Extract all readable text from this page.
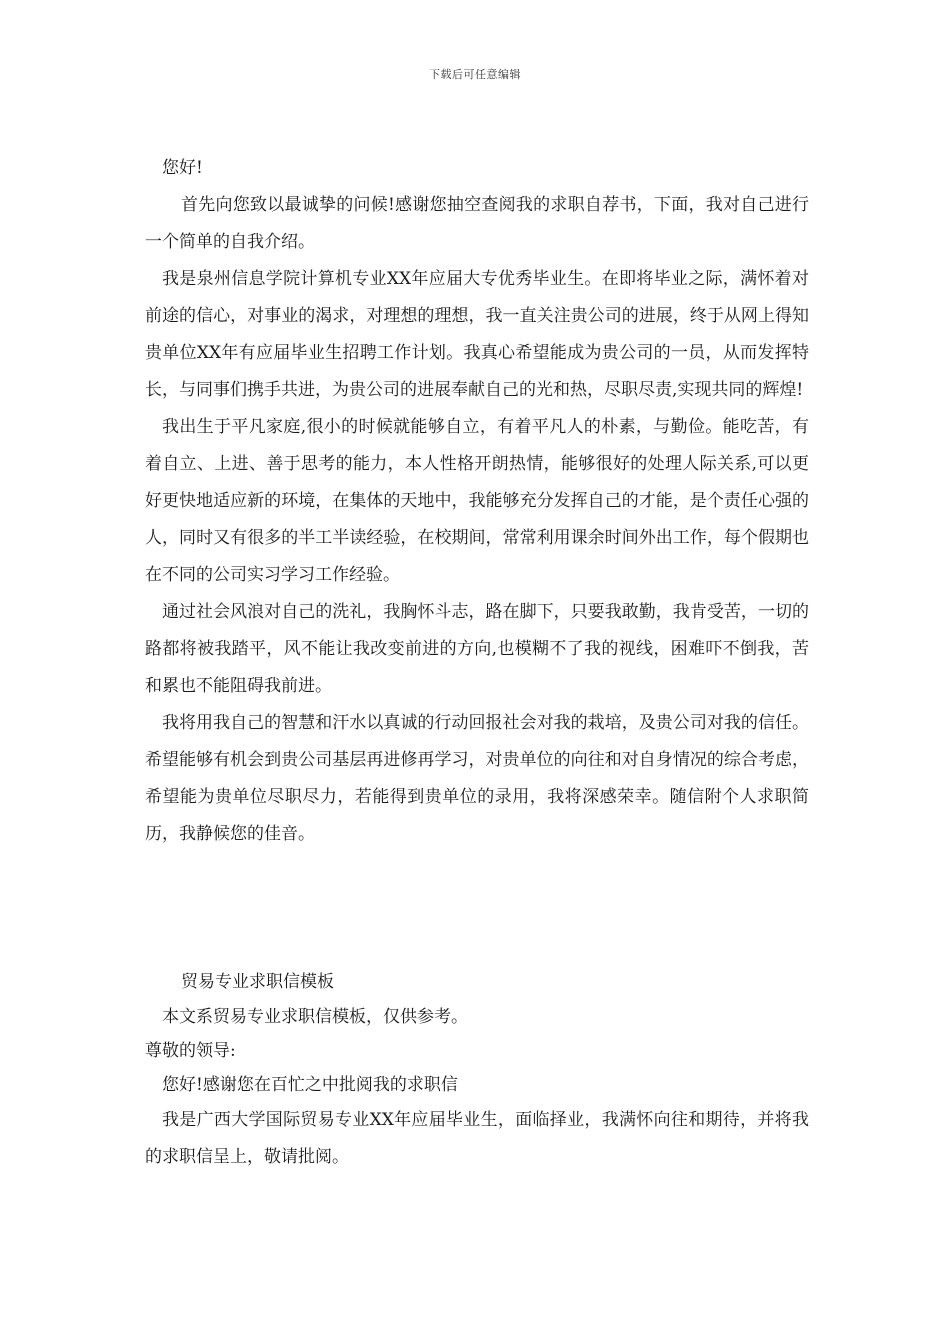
下载后可任意编辑

您好!

首先向您致以最诚挚的问候!感谢您抽空查阅我的求职自荐书，下面，我对自己进行一个简单的自我介绍。

我是泉州信息学院计算机专业XX年应届大专优秀毕业生。在即将毕业之际，满怀着对前途的信心，对事业的渴求，对理想的理想，我一直关注贵公司的进展，终于从网上得知贵单位XX年有应届毕业生招聘工作计划。我真心希望能成为贵公司的一员，从而发挥特长，与同事们携手共进，为贵公司的进展奉献自己的光和热，尽职尽责,实现共同的辉煌!

我出生于平凡家庭,很小的时候就能够自立，有着平凡人的朴素，与勤俭。能吃苦，有着自立、上进、善于思考的能力，本人性格开朗热情，能够很好的处理人际关系,可以更好更快地适应新的环境，在集体的天地中，我能够充分发挥自己的才能，是个责任心强的人，同时又有很多的半工半读经验，在校期间，常常利用课余时间外出工作，每个假期也在不同的公司实习学习工作经验。

通过社会风浪对自己的洗礼，我胸怀斗志，路在脚下，只要我敢勤，我肯受苦，一切的路都将被我踏平，风不能让我改变前进的方向,也模糊不了我的视线，困难吓不倒我，苦和累也不能阻碍我前进。

我将用我自己的智慧和汗水以真诚的行动回报社会对我的栽培，及贵公司对我的信任。希望能够有机会到贵公司基层再进修再学习，对贵单位的向往和对自身情况的综合考虑，希望能为贵单位尽职尽力，若能得到贵单位的录用，我将深感荣幸。随信附个人求职简历，我静候您的佳音。

贸易专业求职信模板

本文系贸易专业求职信模板，仅供参考。

尊敬的领导:

您好!感谢您在百忙之中批阅我的求职信

我是广西大学国际贸易专业XX年应届毕业生，面临择业，我满怀向往和期待，并将我的求职信呈上，敬请批阅。
